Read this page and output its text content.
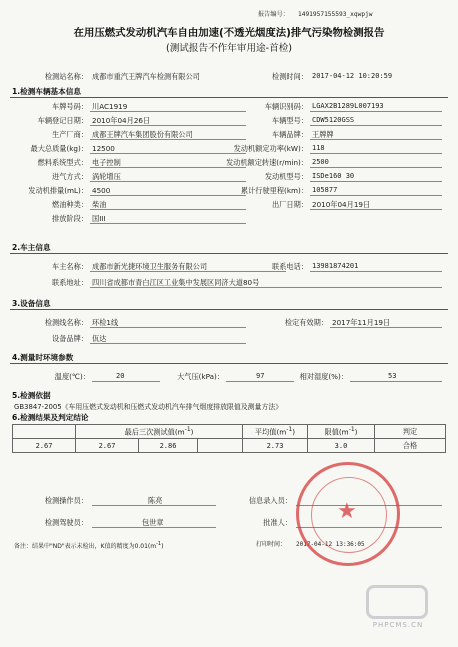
报告编号： 1491957155593_xqwpjw
在用压燃式发动机汽车自由加速(不透光烟度法)排气污染物检测报告
(测试报告不作年审用途-首检)
检测站名称： 成都市重汽王牌汽车检测有限公司	检测时间： 2017-04-12 10:20:59
1.检测车辆基本信息
车牌号码： 川AC1919
车辆登记日期： 2010年04月26日
生产厂商： 成都王牌汽车集团股份有限公司
最大总质量(kg)： 12500
燃料系统型式： 电子控制
进气方式： 涡轮增压
发动机排量(mL)： 4500
燃油种类： 柴油
排放阶段： 国III
车辆识别码： LGAX2B1289L007193
车辆型号： CDW5120GSS
车辆品牌： 王牌牌
发动机额定功率(kW)： 118
发动机额定转速(r/min)： 2500
发动机型号： ISDe160 30
累计行驶里程(km)： 105877
出厂日期： 2010年04月19日
2.车主信息
车主名称： 成都市新光捷环境卫生服务有限公司	联系电话： 13981874201
联系地址： 四川省成都市青白江区工业集中发展区同济大道80号
3.设备信息
检测线名称： 环检1线	检定有效期： 2017年11月19日
设备品牌： 佤达
4.测量时环境参数
温度(℃)：	20	大气压(kPa)：	97	相对湿度(%)：	53
5.检测依据
GB3847-2005《车用压燃式发动机和压燃式发动机汽车排气烟度排放限值及测量方法》
6.检测结果及判定结论
	最后三次测试值$(m^{-1})$			平均值$(m^{-1})$	限值$(m^{-1})$	判定
2.67	2.67	2.86		2.73	3.0	合格
检测操作员：	陈亮	信息录入员：
检测驾驶员：	包世章	批准人：
备注：结果中"ND"表示未检出，K值的精度为$0.01(m^{-1})$	打印时间： 2017-04-12 13:36:05
★
PHPCMS.CN
